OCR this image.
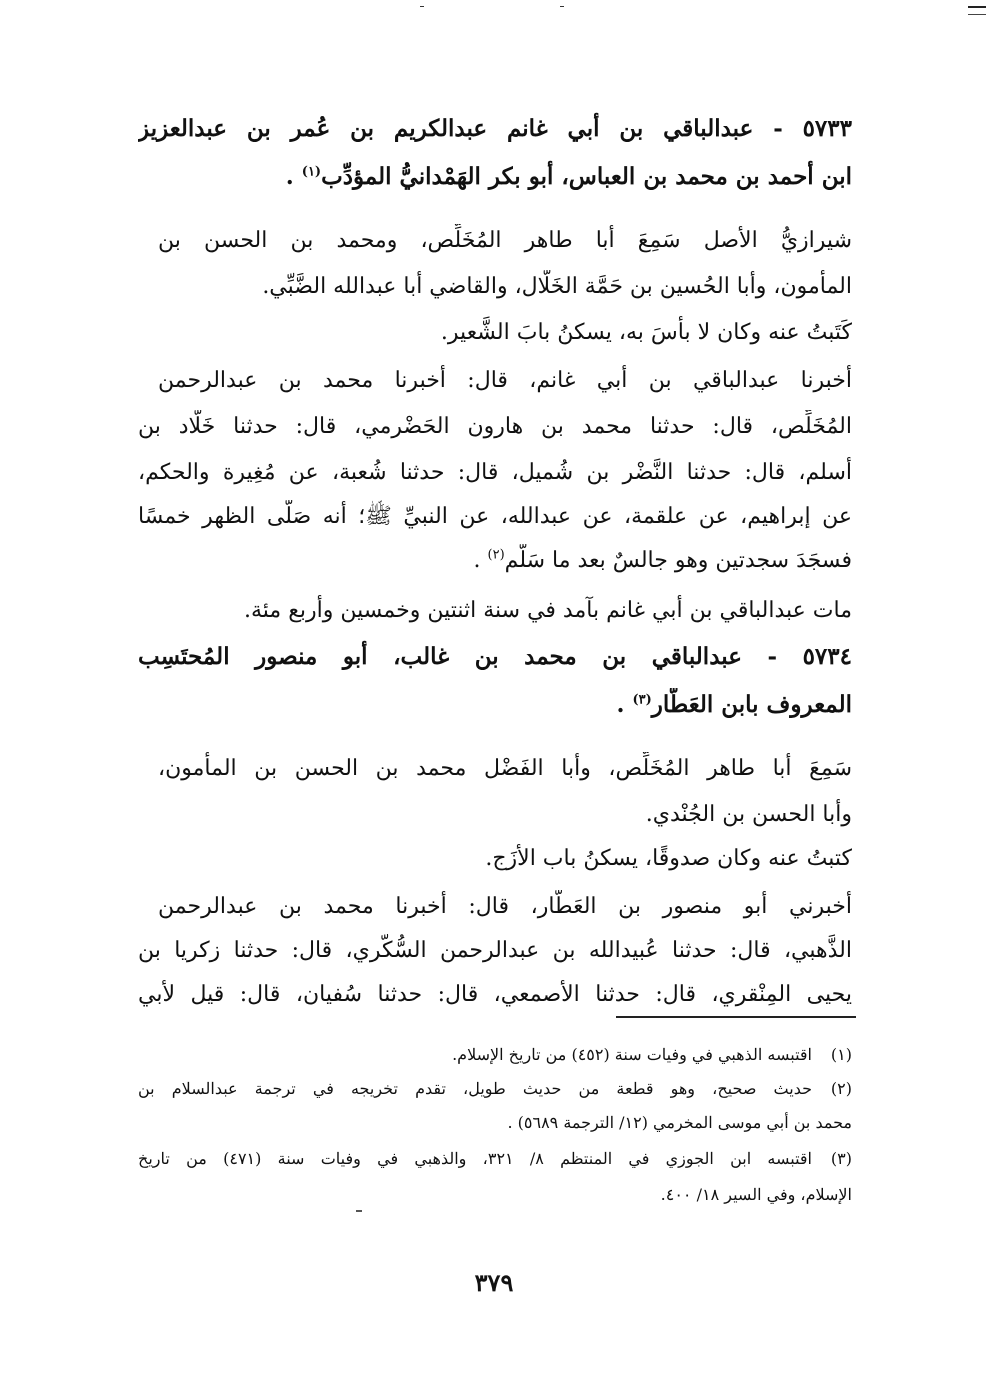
٥٧٣٣ - عبدالباقي بن أبي غانم عبدالكريم بن عُمر بن عبدالعزيز
ابن أحمد بن محمد بن العباس، أبو بكر الهَمْدانيُّ المؤدِّب$^{(١)}$ .
شيرازيُّ الأصل سَمِعَ أبا طاهر المُخَلِّص، ومحمد بن الحسن بن
المأمون، وأبا الحُسين بن حَمَّة الخَلّال، والقاضي أبا عبدالله الضَّبِّي.
كَتَبتُ عنه وكان لا بأسَ به، يسكنُ بابَ الشَّعير.
أخبرنا عبدالباقي بن أبي غانم، قال: أخبرنا محمد بن عبدالرحمن
المُخَلِّص، قال: حدثنا محمد بن هارون الحَضْرمي، قال: حدثنا خَلَّاد بن
أسلم، قال: حدثنا النَّضْر بن شُميل، قال: حدثنا شُعبة، عن مُغِيرة والحكم،
عن إبراهيم، عن علقمة، عن عبدالله، عن النبيِّ ﷺ؛ أنه صَلَّى الظهر خمسًا
فسجَدَ سجدتين وهو جالسٌ بعد ما سَلَّم$^{(٢)}$ .
مات عبدالباقي بن أبي غانم بآمد في سنة اثنتين وخمسين وأربع مئة.
٥٧٣٤ - عبدالباقي بن محمد بن غالب، أبو منصور المُحتَسِب
المعروف بابن العَطَّار$^{(٣)}$ .
سَمِعَ أبا طاهر المُخَلِّص، وأبا الفَضْل محمد بن الحسن بن المأمون،
وأبا الحسن بن الجُنْدي.
كتبتُ عنه وكان صدوقًا، يسكنُ باب الأزَج.
أخبرني أبو منصور بن العَطَّار، قال: أخبرنا محمد بن عبدالرحمن
الذَّهبي، قال: حدثنا عُبيدالله بن عبدالرحمن السُّكَّري، قال: حدثنا زكريا بن
يحيى المِنْقري، قال: حدثنا الأصمعي، قال: حدثنا سُفيان، قال: قيل لأبي
(١)اقتبسه الذهبي في وفيات سنة (٤٥٢) من تاريخ الإسلام.
(٢)حديث صحيح، وهو قطعة من حديث طويل، تقدم تخريجه في ترجمة عبدالسلام بن
محمد بن أبي موسى المخرمي (١٢/ الترجمة ٥٦٨٩) .
(٣)اقتبسه ابن الجوزي في المنتظم ٨/ ٣٢١، والذهبي في وفيات سنة (٤٧١) من تاريخ
الإسلام، وفي السير ١٨/ ٤٠٠.
٣٧٩
